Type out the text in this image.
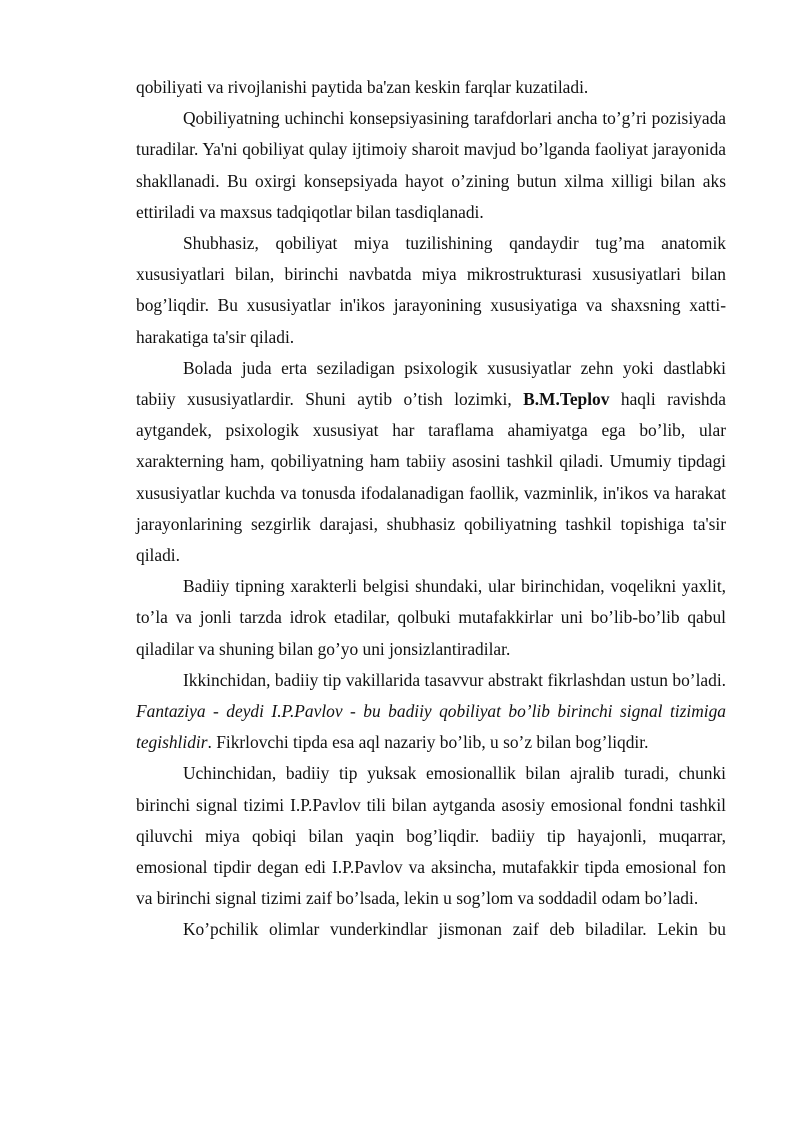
qobiliyati va rivojlanishi paytida ba'zan keskin farqlar kuzatiladi.

Qobiliyatning uchinchi konsepsiyasining tarafdorlari ancha to’g’ri pozisiyada turadilar. Ya'ni qobiliyat qulay ijtimoiy sharoit mavjud bo’lganda faoliyat jarayonida shakllanadi. Bu oxirgi konsepsiyada hayot o’zining butun xilma xilligi bilan aks ettiriladi va maxsus tadqiqotlar bilan tasdiqlanadi.

Shubhasiz, qobiliyat miya tuzilishining qandaydir tug’ma anatomik xususiyatlari bilan, birinchi navbatda miya mikrostrukturasi xususiyatlari bilan bog’liqdir. Bu xususiyatlar in'ikos jarayonining xususiyatiga va shaxsning xatti- harakatiga ta'sir qiladi.

Bolada juda erta seziladigan psixologik xususiyatlar zehn yoki dastlabki tabiiy xususiyatlardir. Shuni aytib o’tish lozimki, B.M.Teplov haqli ravishda aytgandek, psixologik xususiyat har taraflama ahamiyatga ega bo’lib, ular xarakterning ham, qobiliyatning ham tabiiy asosini tashkil qiladi. Umumiy tipdagi xususiyatlar kuchda va tonusda ifodalanadigan faollik, vazminlik, in'ikos va harakat jarayonlarining sezgirlik darajasi, shubhasiz qobiliyatning tashkil topishiga ta'sir qiladi.

Badiiy tipning xarakterli belgisi shundaki, ular birinchidan, voqelikni yaxlit, to’la va jonli tarzda idrok etadilar, qolbuki mutafakkirlar uni bo’lib-bo’lib qabul qiladilar va shuning bilan go’yo uni jonsizlantiradilar.

Ikkinchidan, badiiy tip vakillarida tasavvur abstrakt fikrlashdan ustun bo’ladi. Fantaziya - deydi I.P.Pavlov - bu badiiy qobiliyat bo’lib birinchi signal tizimiga tegishlidir. Fikrlovchi tipda esa aql nazariy bo’lib, u so’z bilan bog’liqdir.

Uchinchidan, badiiy tip yuksak emosionallik bilan ajralib turadi, chunki birinchi signal tizimi I.P.Pavlov tili bilan aytganda asosiy emosional fondni tashkil qiluvchi miya qobiqi bilan yaqin bog’liqdir. badiiy tip hayajonli, muqarrar, emosional tipdir degan edi I.P.Pavlov va aksincha, mutafakkir tipda emosional fon va birinchi signal tizimi zaif bo’lsada, lekin u sog’lom va soddadil odam bo’ladi.

Ko’pchilik olimlar vunderkindlar jismonan zaif deb biladilar. Lekin bu
